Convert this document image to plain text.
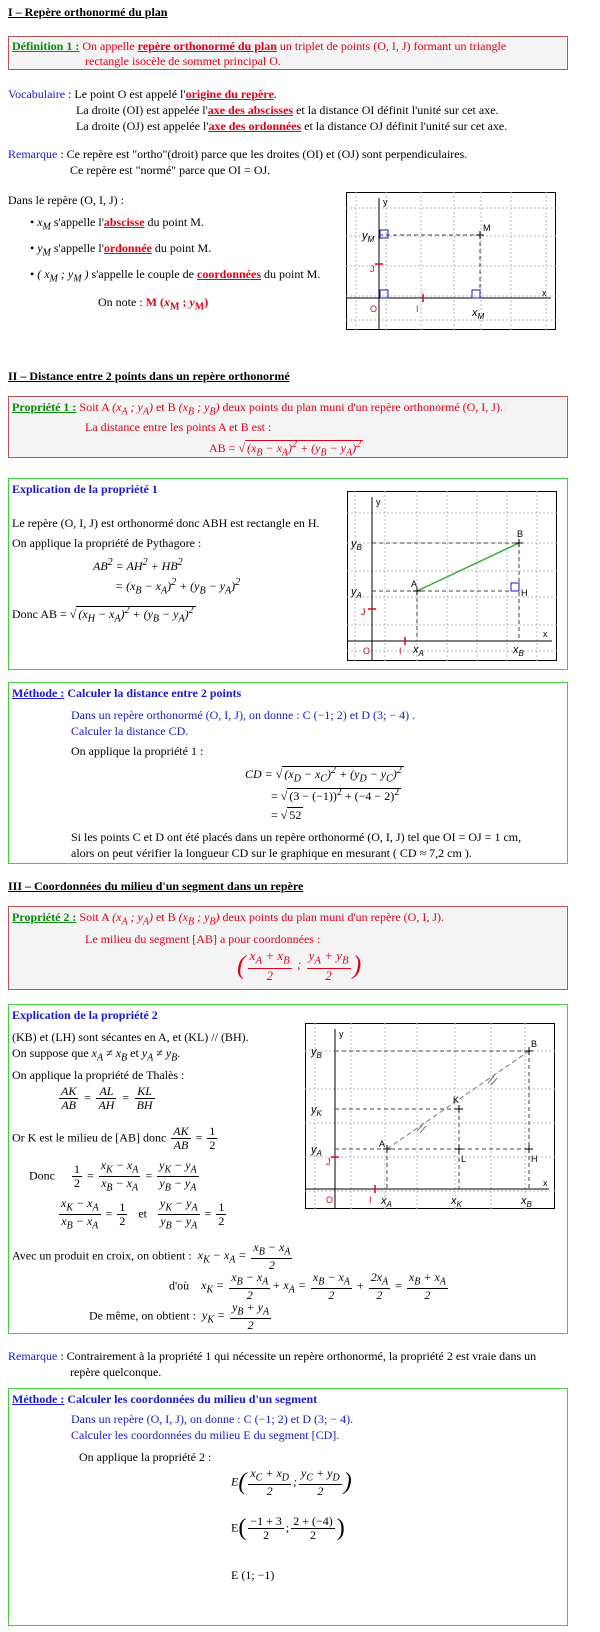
I – Repère orthonormé du plan
Définition 1 : On appelle repère orthonormé du plan un triplet de points (O, I, J) formant un triangle
rectangle isocèle de sommet principal O.
Vocabulaire : Le point O est appelé l'origine du repère.
La droite (OI) est appelée l'axe des abscisses et la distance OI définit l'unité sur cet axe.
La droite (OJ) est appelée l'axe des ordonnées et la distance OJ définit l'unité sur cet axe.
Remarque : Ce repère est "ortho"(droit) parce que les droites (OI) et (OJ) sont perpendiculaires.
Ce repère est "normé" parce que OI = OJ.
Dans le repère (O, I, J) :
• $x_M$ s'appelle l'abscisse du point M.
• $y_M$ s'appelle l'ordonnée du point M.
• ( $x_M$ ; $y_M$ ) s'appelle le couple de coordonnées du point M.
On note : M ($x_M$ ; $y_M$)	O	I
J
x
y
M
$y_M$
$x_M$
II – Distance entre 2 points dans un repère orthonormé
Propriété 1 : Soit A ($x_A$ ; $y_A$) et B ($x_B$ ; $y_B$) deux points du plan muni d'un repère orthonormé (O, I, J).
La distance entre les points A et B est :
AB = √ $(x_B - x_A)^2 + (y_B - y_A)^2$
Explication de la propriété 1
Le repère (O, I, J) est orthonormé donc ABH est rectangle en H.
On applique la propriété de Pythagore :
$AB^2 = AH^2 + HB^2$
= $(x_B - x_A)^2 + (y_B - y_A)^2$
Donc AB = √ $(x_H - x_A)^2 + (y_B - y_A)^2$
O	I
J
x
y
A
B
H
$y_B$
$y_A$
$x_A$	$x_B$
Méthode : Calculer la distance entre 2 points
Dans un repère orthonormé (O, I, J), on donne : C (−1; 2) et D (3; − 4) .
Calculer la distance CD.
On applique la propriété 1 :
CD = √ $(x_D - x_C)^2 + (y_D - y_C)^2$
= √ $(3 - (-1))^2 + (-4 - 2)^2$
= √ 52
Si les points C et D ont été placés dans un repère orthonormé (O, I, J) tel que OI = OJ = 1 cm,
alors on peut vérifier la longueur CD sur le graphique en mesurant ( CD ≈ 7,2 cm ).
III – Coordonnées du milieu d'un segment dans un repère
Propriété 2 : Soit A ($x_A$ ; $y_A$) et B ($x_B$ ; $y_B$) deux points du plan muni d'un repère (O, I, J).
Le milieu du segment [AB] a pour coordonnées :
( $\frac{x_A + x_B}{2}$ ; $\frac{y_A + y_B}{2}$ )
Explication de la propriété 2
(KB) et (LH) sont sécantes en A, et (KL) // (BH).
On suppose que $x_A \ne x_B$ et $y_A \ne y_B$.
On applique la propriété de Thalès :
$\frac{AK}{AB} = \frac{AL}{AH} = \frac{KL}{BH}$
Or K est le milieu de [AB] donc $\frac{AK}{AB} = \frac{1}{2}$
Donc $\frac{1}{2} = \frac{x_K - x_A}{x_B - x_A} = \frac{y_K - y_A}{y_B - y_A}$
$\frac{x_K - x_A}{x_B - x_A} = \frac{1}{2}$ et $\frac{y_K - y_A}{y_B - y_A} = \frac{1}{2}$
Avec un produit en croix, on obtient : $x_K - x_A = \frac{x_B - x_A}{2}$
d'où $x_K = \frac{x_B - x_A}{2} + x_A = \frac{x_B - x_A}{2} + \frac{2x_A}{2} = \frac{x_B + x_A}{2}$
De même, on obtient : $y_K = \frac{y_B + y_A}{2}$
O	I
J
x
y
A
B
K
L	H
$y_B$
$y_K$
$y_A$
$x_A$	$x_K$	$x_B$
Remarque : Contrairement à la propriété 1 qui nécessite un repère orthonormé, la propriété 2 est vraie dans un
repère quelconque.
Méthode : Calculer les coordonnées du milieu d'un segment
Dans un repère (O, I, J), on donne : C (−1; 2) et D (3; − 4).
Calculer les coordonnées du milieu E du segment [CD].
On applique la propriété 2 :
$E( \frac{x_C + x_D}{2}$ ; $\frac{y_C + y_D}{2}$ )
$E( \frac{-1 + 3}{2}$ ; $\frac{2 + (-4)}{2}$ )
E (1; −1)
